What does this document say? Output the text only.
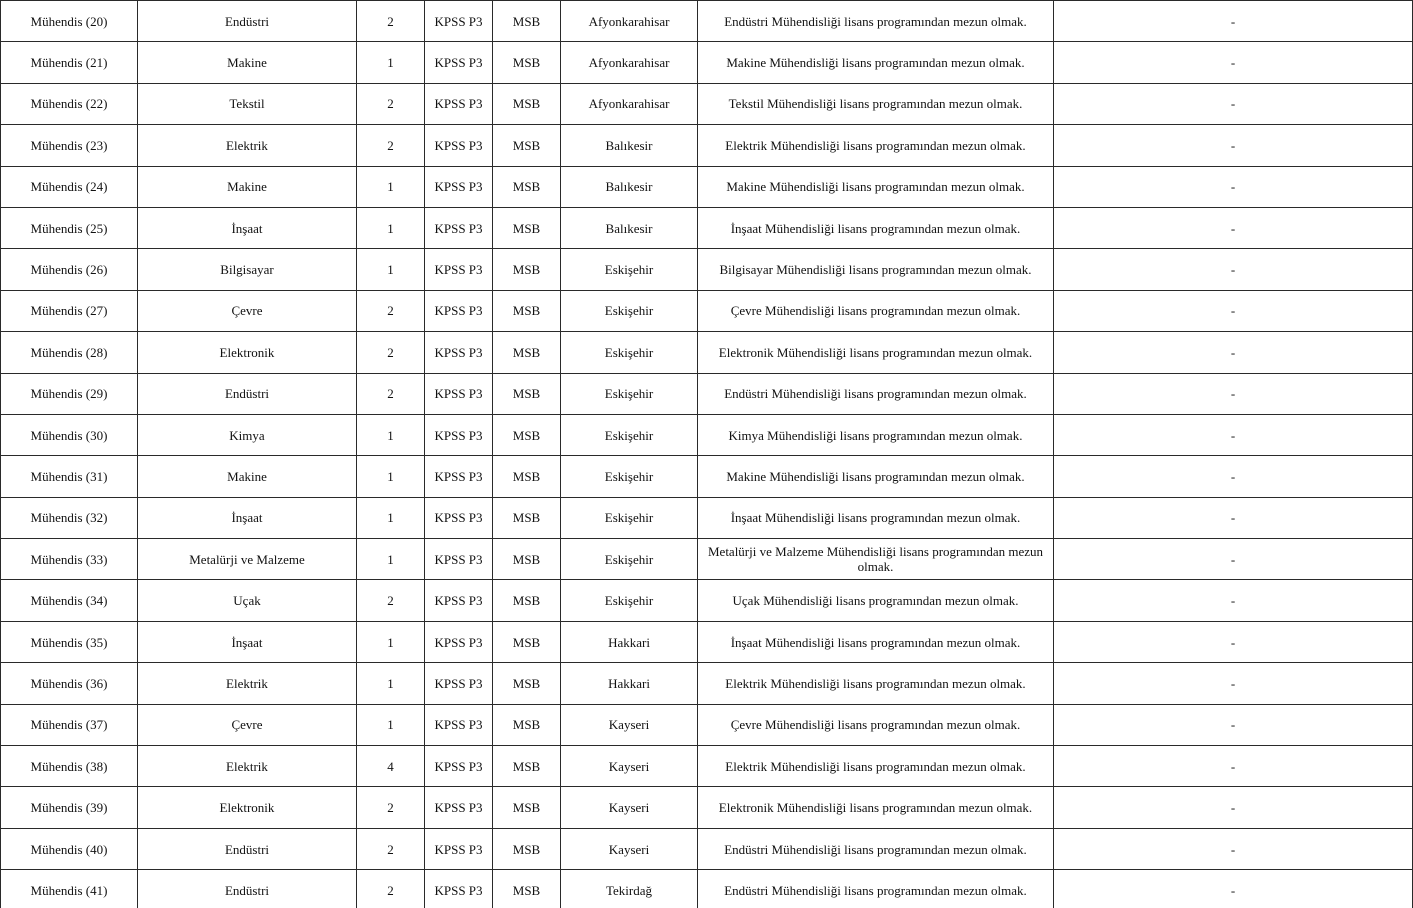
Mühendis (20)	Endüstri	2	KPSS P3	MSB	Afyonkarahisar	Endüstri Mühendisliği lisans programından mezun olmak.	-
Mühendis (21)	Makine	1	KPSS P3	MSB	Afyonkarahisar	Makine Mühendisliği lisans programından mezun olmak.	-
Mühendis (22)	Tekstil	2	KPSS P3	MSB	Afyonkarahisar	Tekstil Mühendisliği lisans programından mezun olmak.	-
Mühendis (23)	Elektrik	2	KPSS P3	MSB	Balıkesir	Elektrik Mühendisliği lisans programından mezun olmak.	-
Mühendis (24)	Makine	1	KPSS P3	MSB	Balıkesir	Makine Mühendisliği lisans programından mezun olmak.	-
Mühendis (25)	İnşaat	1	KPSS P3	MSB	Balıkesir	İnşaat Mühendisliği lisans programından mezun olmak.	-
Mühendis (26)	Bilgisayar	1	KPSS P3	MSB	Eskişehir	Bilgisayar Mühendisliği lisans programından mezun olmak.	-
Mühendis (27)	Çevre	2	KPSS P3	MSB	Eskişehir	Çevre Mühendisliği lisans programından mezun olmak.	-
Mühendis (28)	Elektronik	2	KPSS P3	MSB	Eskişehir	Elektronik Mühendisliği lisans programından mezun olmak.	-
Mühendis (29)	Endüstri	2	KPSS P3	MSB	Eskişehir	Endüstri Mühendisliği lisans programından mezun olmak.	-
Mühendis (30)	Kimya	1	KPSS P3	MSB	Eskişehir	Kimya Mühendisliği lisans programından mezun olmak.	-
Mühendis (31)	Makine	1	KPSS P3	MSB	Eskişehir	Makine Mühendisliği lisans programından mezun olmak.	-
Mühendis (32)	İnşaat	1	KPSS P3	MSB	Eskişehir	İnşaat Mühendisliği lisans programından mezun olmak.	-
Mühendis (33)	Metalürji ve Malzeme	1	KPSS P3	MSB	Eskişehir	Metalürji ve Malzeme Mühendisliği lisans programından mezun olmak.	-
Mühendis (34)	Uçak	2	KPSS P3	MSB	Eskişehir	Uçak Mühendisliği lisans programından mezun olmak.	-
Mühendis (35)	İnşaat	1	KPSS P3	MSB	Hakkari	İnşaat Mühendisliği lisans programından mezun olmak.	-
Mühendis (36)	Elektrik	1	KPSS P3	MSB	Hakkari	Elektrik Mühendisliği lisans programından mezun olmak.	-
Mühendis (37)	Çevre	1	KPSS P3	MSB	Kayseri	Çevre Mühendisliği lisans programından mezun olmak.	-
Mühendis (38)	Elektrik	4	KPSS P3	MSB	Kayseri	Elektrik Mühendisliği lisans programından mezun olmak.	-
Mühendis (39)	Elektronik	2	KPSS P3	MSB	Kayseri	Elektronik Mühendisliği lisans programından mezun olmak.	-
Mühendis (40)	Endüstri	2	KPSS P3	MSB	Kayseri	Endüstri Mühendisliği lisans programından mezun olmak.	-
Mühendis (41)	Endüstri	2	KPSS P3	MSB	Tekirdağ	Endüstri Mühendisliği lisans programından mezun olmak.	-
